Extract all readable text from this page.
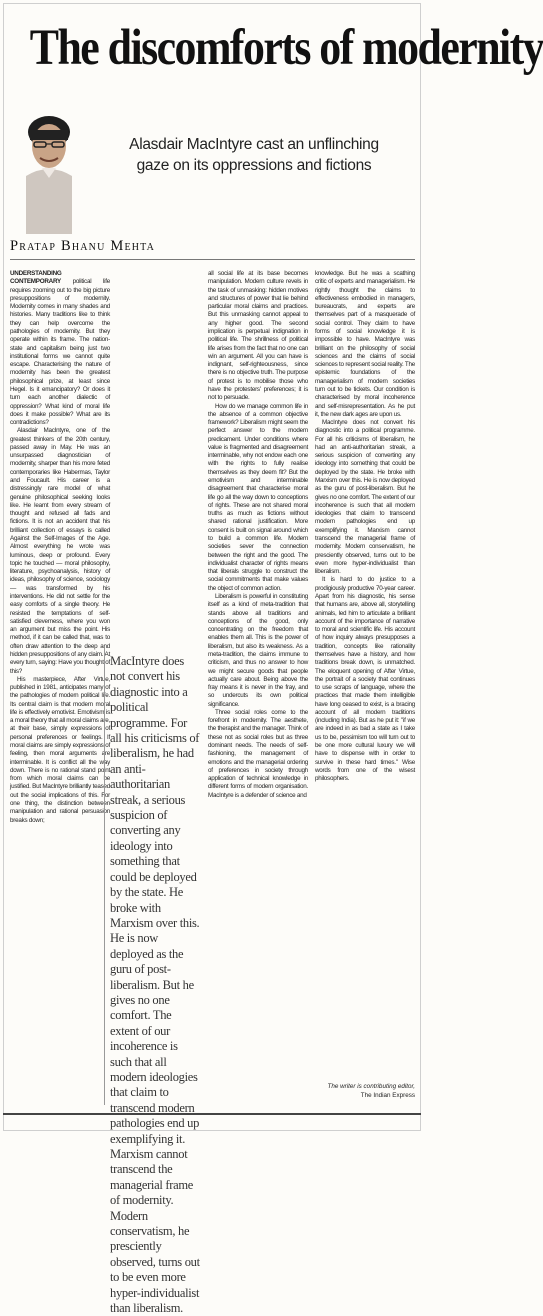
The discomforts of modernity
Alasdair MacIntyre cast an unflinching gaze on its oppressions and fictions
Pratap Bhanu Mehta

UNDERSTANDING CONTEMPORARY political life requires zooming out to the big picture presuppositions of modernity. Modernity comes in many shades and histories. Many traditions like to think they can help overcome the pathologies of modernity. But they operate within its frame. The nation-state and capitalism being just two institutional forms we cannot quite escape. Characterising the nature of modernity has been the greatest philosophical prize, at least since Hegel. Is it emancipatory? Or does it turn each another dialectic of oppression? What kind of moral life does it make possible? What are its contradictions?

Alasdair MacIntyre, one of the greatest thinkers of the 20th century, passed away in May. He was an unsurpassed diagnostician of modernity, sharper than his more feted contemporaries like Habermas, Taylor and Foucault. His career is a distressingly rare model of what genuine philosophical seeking looks like. He learnt from every stream of thought and refused all fads and fictions. It is not an accident that his brilliant collection of essays is called Against the Self-Images of the Age. Almost everything he wrote was luminous, deep or profound. Every topic he touched — moral philosophy, literature, psychoanalysis, history of ideas, philosophy of science, sociology — was transformed by his interventions. He did not settle for the easy comforts of a single theory. He resisted the temptations of self-satisfied cleverness, where you won an argument but miss the point. His method, if it can be called that, was to often draw attention to the deep and hidden presuppositions of any claim. At every turn, saying: Have you thought of this?

His masterpiece, After Virtue, published in 1981, anticipates many of the pathologies of modern political life. Its central claim is that modern moral life is effectively emotivist. Emotivism is a moral theory that all moral claims are, at their base, simply expressions of personal preferences or feelings. If moral claims are simply expressions of feeling, then moral arguments are interminable. It is conflict all the way down. There is no rational stand point from which moral claims can be justified. But MacIntyre brilliantly teased out the social implications of this. For one thing, the distinction between manipulation and rational persuasion breaks down;

MacIntyre does not convert his diagnostic into a political programme. For all his criticisms of liberalism, he had an anti-authoritarian streak, a serious suspicion of converting any ideology into something that could be deployed by the state. He broke with Marxism over this. He is now deployed as the guru of post-liberalism. But he gives no one comfort. The extent of our incoherence is such that all modern ideologies that claim to transcend modern pathologies end up exemplifying it. Marxism cannot transcend the managerial frame of modernity. Modern conservatism, he presciently observed, turns out to be even more hyper-individualist than liberalism.

all social life at its base becomes manipulation. Modern culture revels in the task of unmasking: hidden motives and structures of power that lie behind particular moral claims and practices. But this unmasking cannot appeal to any higher good. The second implication is perpetual indignation in political life. The shrillness of political life arises from the fact that no one can win an argument. All you can have is indignant, self-righteousness, since there is no objective truth. The purpose of protest is to mobilise those who have the protesters' preferences; it is not to persuade.

How do we manage common life in the absence of a common objective framework? Liberalism might seem the perfect answer to the modern predicament. Under conditions where value is fragmented and disagreement interminable, why not endow each one with the rights to fully realise themselves as they deem fit? But the emotivism and interminable disagreement that characterise moral life go all the way down to conceptions of rights. These are not shared moral truths as much as fictions without shared rational justification. More consent is built on signal around which to build a common life. Modern societies sever the connection between the right and the good. The individualist character of rights means that liberals struggle to construct the social commitments that make values the object of common action.

Liberalism is powerful in constituting itself as a kind of meta-tradition that stands above all traditions and conceptions of the good, only concentrating on the freedom that enables them all. This is the power of liberalism, but also its weakness. As a meta-tradition, the claims immune to criticism, and thus no answer to how we might secure goods that people actually care about. Being above the fray means it is never in the fray, and so undercuts its own political significance.

Three social roles come to the forefront in modernity. The aesthete, the therapist and the manager. Think of these not as social roles but as three dominant needs. The needs of self-fashioning, the management of emotions and the managerial ordering of preferences in society through application of technical knowledge in different forms of modern organisation. MacIntyre is a defender of science and

knowledge. But he was a scathing critic of experts and managerialism. He rightly thought the claims to effectiveness embodied in managers, bureaucrats, and experts are themselves part of a masquerade of social control. They claim to have forms of social knowledge it is impossible to have. MacIntyre was brilliant on the philosophy of social sciences and the claims of social sciences to represent social reality. The epistemic foundations of the managerialism of modern societies turn out to be tickets. Our condition is characterised by moral incoherence and self-misrepresentation. As he put it, the new dark ages are upon us.

MacIntyre does not convert his diagnostic into a political programme. For all his criticisms of liberalism, he had an anti-authoritarian streak, a serious suspicion of converting any ideology into something that could be deployed by the state. He broke with Marxism over this. He is now deployed as the guru of post-liberalism. But he gives no one comfort. The extent of our incoherence is such that all modern ideologies that claim to transcend modern pathologies end up exemplifying it. Marxism cannot transcend the managerial frame of modernity. Modern conservatism, he presciently observed, turns out to be even more hyper-individualist than liberalism.

It is hard to do justice to a prodigiously productive 70-year career. Apart from his diagnostic, his sense that humans are, above all, storytelling animals, led him to articulate a brilliant account of the importance of narrative to moral and scientific life. His account of how inquiry always presupposes a tradition, concepts like rationality themselves have a history, and how traditions break down, is unmatched. The eloquent opening of After Virtue, the portrait of a society that continues to use scraps of language, where the practices that made them intelligible have long ceased to exist, is a bracing account of all modern traditions (including India). But as he put it: "if we are indeed in as bad a state as I take us to be, pessimism too will turn out to be one more cultural luxury we will have to dispense with in order to survive in these hard times." Wise words from one of the wisest philosophers.

The writer is contributing editor,
The Indian Express
